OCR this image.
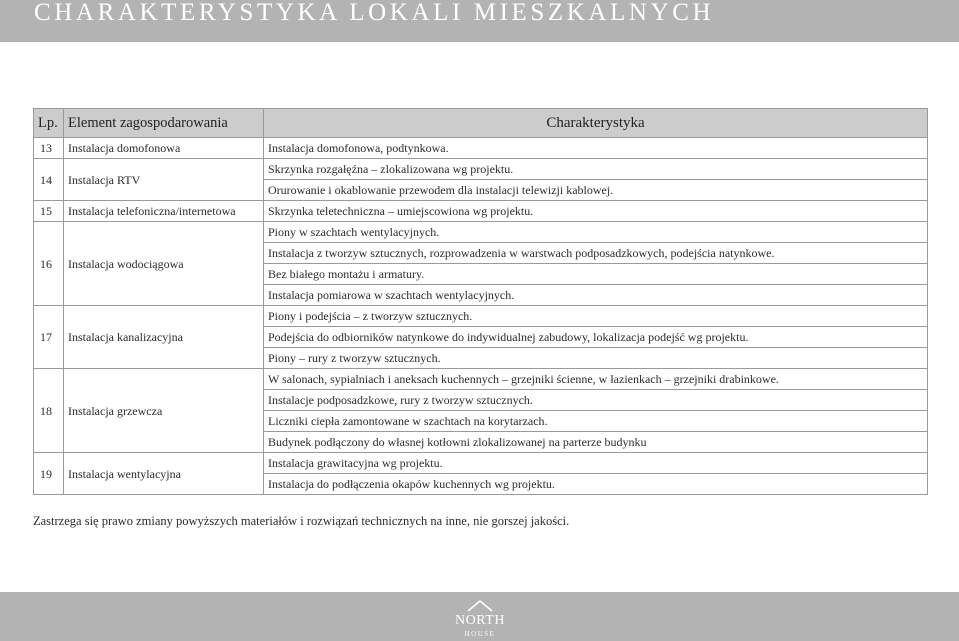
CHARAKTERYSTYKA LOKALI MIESZKALNYCH
Lp.	Element zagospodarowania	Charakterystyka
13	Instalacja domofonowa	Instalacja domofonowa, podtynkowa.
14	Instalacja RTV	Skrzynka rozgałęźna – zlokalizowana wg projektu.
		Orurowanie i okablowanie przewodem dla instalacji telewizji kablowej.
15	Instalacja telefoniczna/internetowa	Skrzynka teletechniczna – umiejscowiona wg projektu.
16	Instalacja wodociągowa	Piony w szachtach wentylacyjnych.
		Instalacja z tworzyw sztucznych, rozprowadzenia w warstwach podposadzkowych, podejścia natynkowe.
		Bez białego montażu i armatury.
		Instalacja pomiarowa w szachtach wentylacyjnych.
17	Instalacja kanalizacyjna	Piony i podejścia – z tworzyw sztucznych.
		Podejścia do odbiorników natynkowe do indywidualnej zabudowy, lokalizacja podejść wg projektu.
		Piony – rury z tworzyw sztucznych.
18	Instalacja grzewcza	W salonach, sypialniach i aneksach kuchennych – grzejniki ścienne, w łazienkach – grzejniki drabinkowe.
		Instalacje podposadzkowe, rury z tworzyw sztucznych.
		Liczniki ciepła zamontowane w szachtach na korytarzach.
		Budynek podłączony do własnej kotłowni zlokalizowanej na parterze budynku
19	Instalacja wentylacyjna	Instalacja grawitacyjna wg projektu.
		Instalacja do podłączenia okapów kuchennych wg projektu.
Zastrzega się prawo zmiany powyższych materiałów i rozwiązań technicznych na inne, nie gorszej jakości.
NORTH
HOUSE
